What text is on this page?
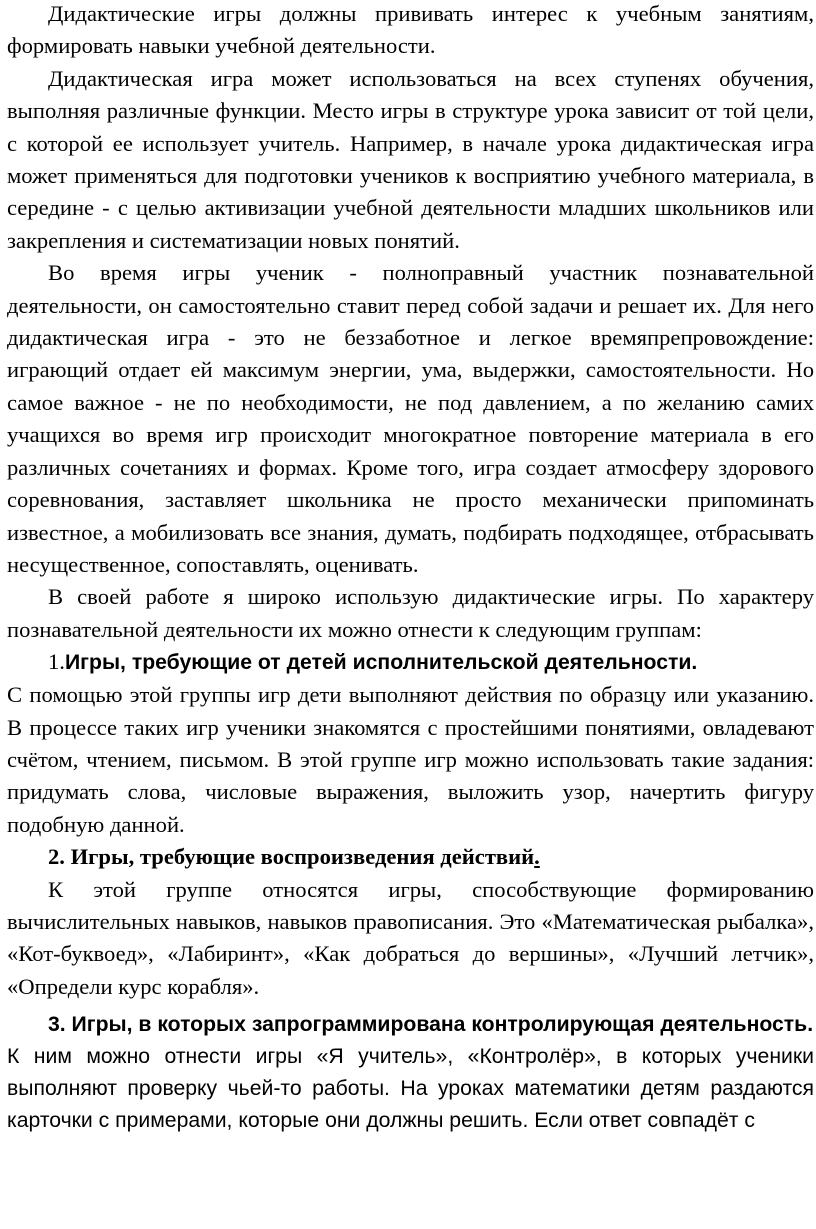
Дидактические игры должны прививать интерес к учебным занятиям, формировать навыки учебной деятельности.

Дидактическая игра может использоваться на всех ступенях обучения, выполняя различные функции. Место игры в структуре урока зависит от той цели, с которой ее использует учитель. Например, в начале урока дидактическая игра может применяться для подготовки учеников к восприятию учебного материала, в середине - с целью активизации учебной деятельности младших школьников или закрепления и систематизации новых понятий.

Во время игры ученик - полноправный участник познавательной деятельности, он самостоятельно ставит перед собой задачи и решает их. Для него дидактическая игра - это не беззаботное и легкое времяпрепровождение: играющий отдает ей максимум энергии, ума, выдержки, самостоятельности. Но самое важное - не по необходимости, не под давлением, а по желанию самих учащихся во время игр происходит многократное повторение материала в его различных сочетаниях и формах. Кроме того, игра создает атмосферу здорового соревнования, заставляет школьника не просто механически припоминать известное, а мобилизовать все знания, думать, подбирать подходящее, отбрасывать несущественное, сопоставлять, оценивать.

В своей работе я широко использую дидактические игры. По характеру познавательной деятельности их можно отнести к следующим группам:

1.Игры, требующие от детей исполнительской деятельности.

С помощью этой группы игр дети выполняют действия по образцу или указанию. В процессе таких игр ученики знакомятся с простейшими понятиями, овладевают счётом, чтением, письмом. В этой группе игр можно использовать такие задания: придумать слова, числовые выражения, выложить узор, начертить фигуру подобную данной.

2. Игры, требующие воспроизведения действий.

К этой группе относятся игры, способствующие формированию вычислительных навыков, навыков правописания. Это «Математическая рыбалка», «Кот-буквоед», «Лабиринт», «Как добраться до вершины», «Лучший летчик», «Определи курс корабля».

3. Игры, в которых запрограммирована контролирующая деятельность.

К ним можно отнести игры «Я учитель», «Контролёр», в которых ученики выполняют проверку чьей-то работы. На уроках математики детям раздаются карточки с примерами, которые они должны решить. Если ответ совпадёт с
